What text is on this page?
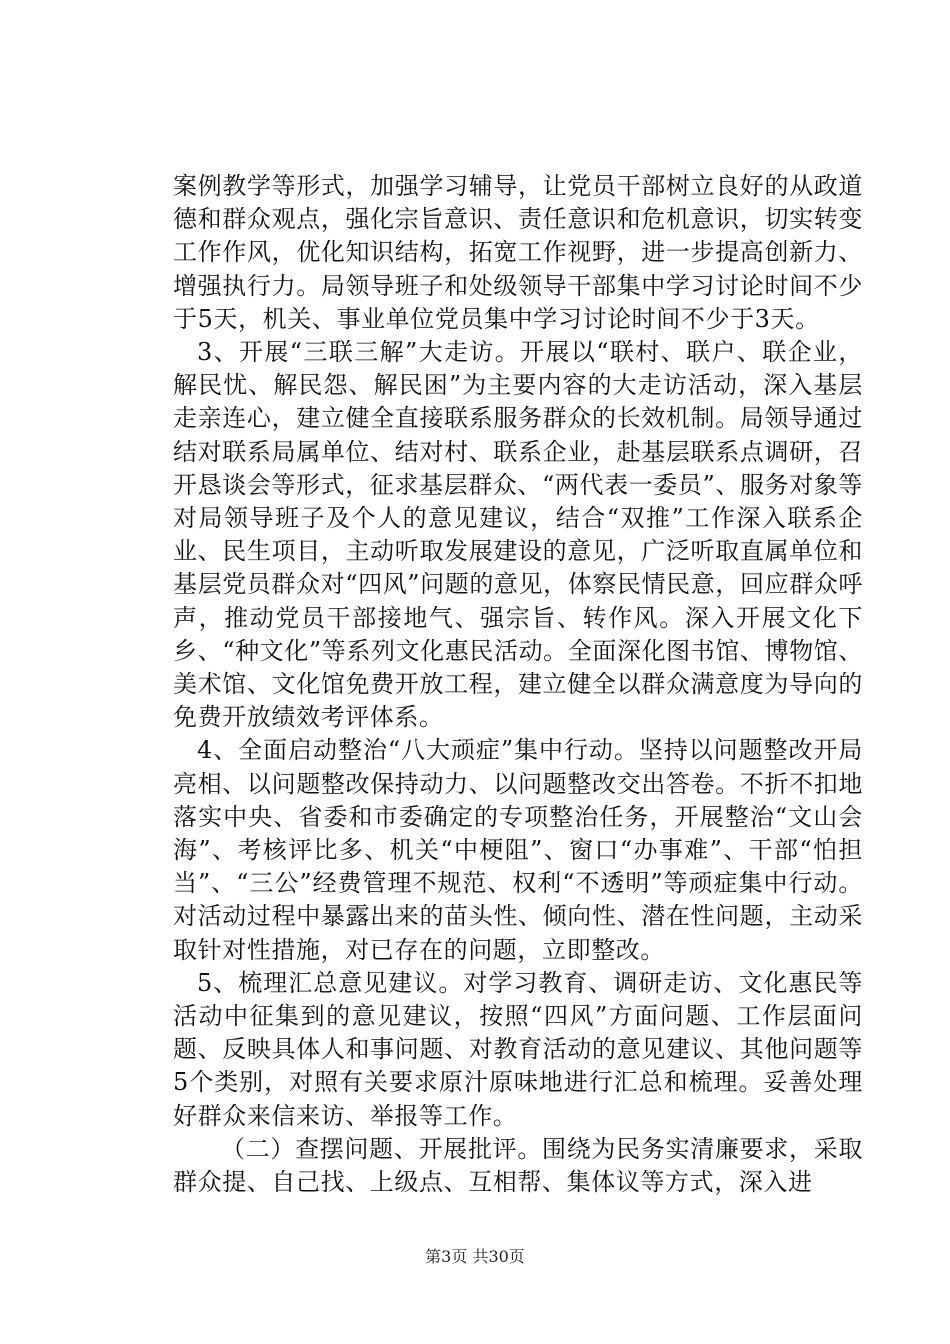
案例教学等形式，加强学习辅导，让党员干部树立良好的从政道德和群众观点，强化宗旨意识、责任意识和危机意识，切实转变工作作风，优化知识结构，拓宽工作视野，进一步提高创新力、增强执行力。局领导班子和处级领导干部集中学习讨论时间不少于5天，机关、事业单位党员集中学习讨论时间不少于3天。

3、开展“三联三解”大走访。开展以“联村、联户、联企业，解民忧、解民怨、解民困”为主要内容的大走访活动，深入基层走亲连心，建立健全直接联系服务群众的长效机制。局领导通过结对联系局属单位、结对村、联系企业，赴基层联系点调研，召开恳谈会等形式，征求基层群众、“两代表一委员”、服务对象等对局领导班子及个人的意见建议，结合“双推”工作深入联系企业、民生项目，主动听取发展建设的意见，广泛听取直属单位和基层党员群众对“四风”问题的意见，体察民情民意，回应群众呼声，推动党员干部接地气、强宗旨、转作风。深入开展文化下乡、“种文化”等系列文化惠民活动。全面深化图书馆、博物馆、美术馆、文化馆免费开放工程，建立健全以群众满意度为导向的免费开放绩效考评体系。

4、全面启动整治“八大顽症”集中行动。坚持以问题整改开局亮相、以问题整改保持动力、以问题整改交出答卷。不折不扣地落实中央、省委和市委确定的专项整治任务，开展整治“文山会海”、考核评比多、机关“中梗阻”、窗口“办事难”、干部“怕担当”、“三公”经费管理不规范、权利“不透明”等顽症集中行动。对活动过程中暴露出来的苗头性、倾向性、潜在性问题，主动采取针对性措施，对已存在的问题，立即整改。

5、梳理汇总意见建议。对学习教育、调研走访、文化惠民等活动中征集到的意见建议，按照“四风”方面问题、工作层面问题、反映具体人和事问题、对教育活动的意见建议、其他问题等5个类别，对照有关要求原汁原味地进行汇总和梳理。妥善处理好群众来信来访、举报等工作。

（二）查摆问题、开展批评。围绕为民务实清廉要求，采取群众提、自己找、上级点、互相帮、集体议等方式，深入进

第3页 共30页
